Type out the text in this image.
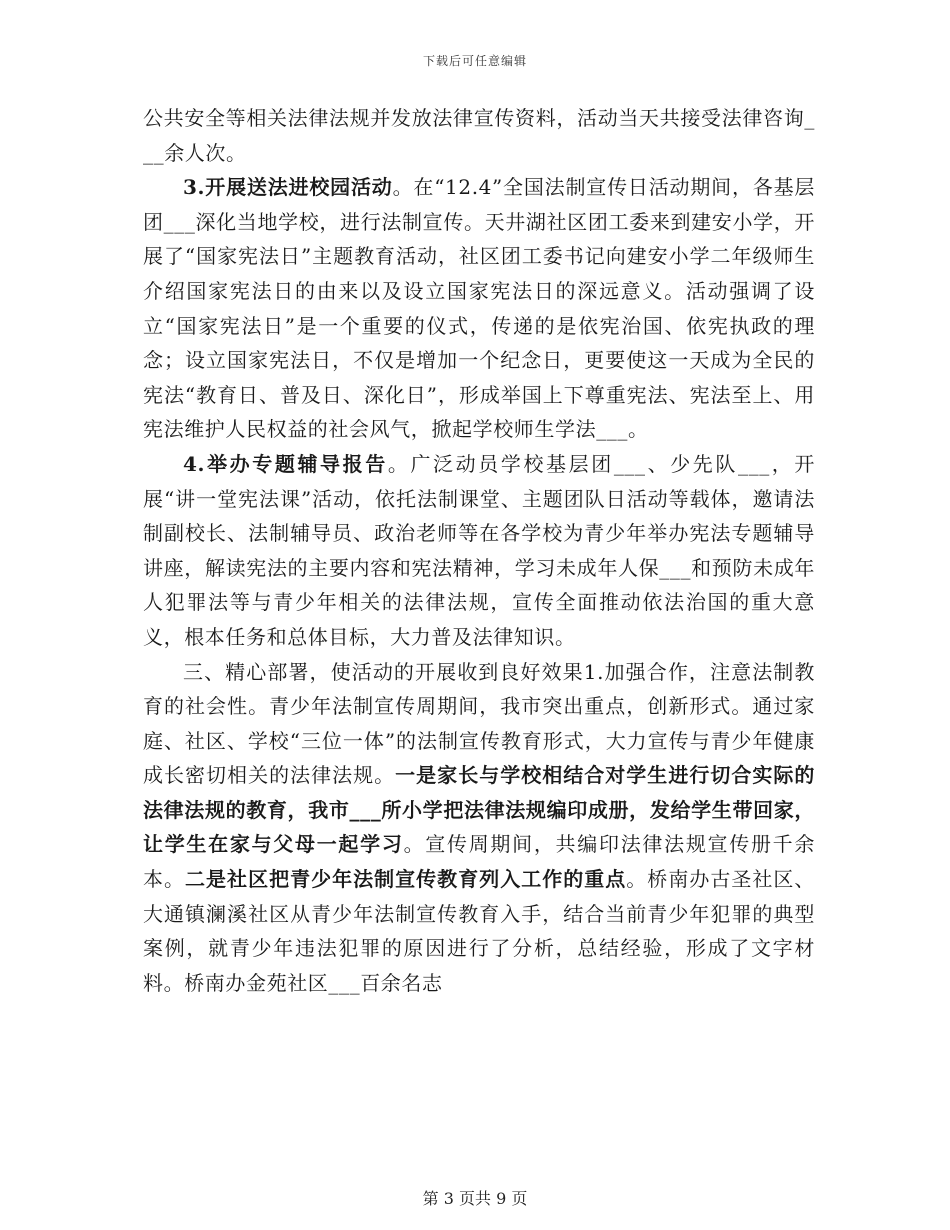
下载后可任意编辑

公共安全等相关法律法规并发放法律宣传资料，活动当天共接受法律咨询___余人次。

3.开展送法进校园活动。在“12.4”全国法制宣传日活动期间，各基层团___深化当地学校，进行法制宣传。天井湖社区团工委来到建安小学，开展了“国家宪法日”主题教育活动，社区团工委书记向建安小学二年级师生介绍国家宪法日的由来以及设立国家宪法日的深远意义。活动强调了设立“国家宪法日”是一个重要的仪式，传递的是依宪治国、依宪执政的理念；设立国家宪法日，不仅是增加一个纪念日，更要使这一天成为全民的宪法“教育日、普及日、深化日”，形成举国上下尊重宪法、宪法至上、用宪法维护人民权益的社会风气，掀起学校师生学法___。

4.举办专题辅导报告。广泛动员学校基层团___、少先队___，开展“讲一堂宪法课”活动，依托法制课堂、主题团队日活动等载体，邀请法制副校长、法制辅导员、政治老师等在各学校为青少年举办宪法专题辅导讲座，解读宪法的主要内容和宪法精神，学习未成年人保___和预防未成年人犯罪法等与青少年相关的法律法规，宣传全面推动依法治国的重大意义，根本任务和总体目标，大力普及法律知识。

三、精心部署，使活动的开展收到良好效果1.加强合作，注意法制教育的社会性。青少年法制宣传周期间，我市突出重点，创新形式。通过家庭、社区、学校“三位一体”的法制宣传教育形式，大力宣传与青少年健康成长密切相关的法律法规。一是家长与学校相结合对学生进行切合实际的法律法规的教育，我市___所小学把法律法规编印成册，发给学生带回家，让学生在家与父母一起学习。宣传周期间，共编印法律法规宣传册千余本。二是社区把青少年法制宣传教育列入工作的重点。桥南办古圣社区、大通镇澜溪社区从青少年法制宣传教育入手，结合当前青少年犯罪的典型案例，就青少年违法犯罪的原因进行了分析，总结经验，形成了文字材料。桥南办金苑社区___百余名志

第 3 页共 9 页
